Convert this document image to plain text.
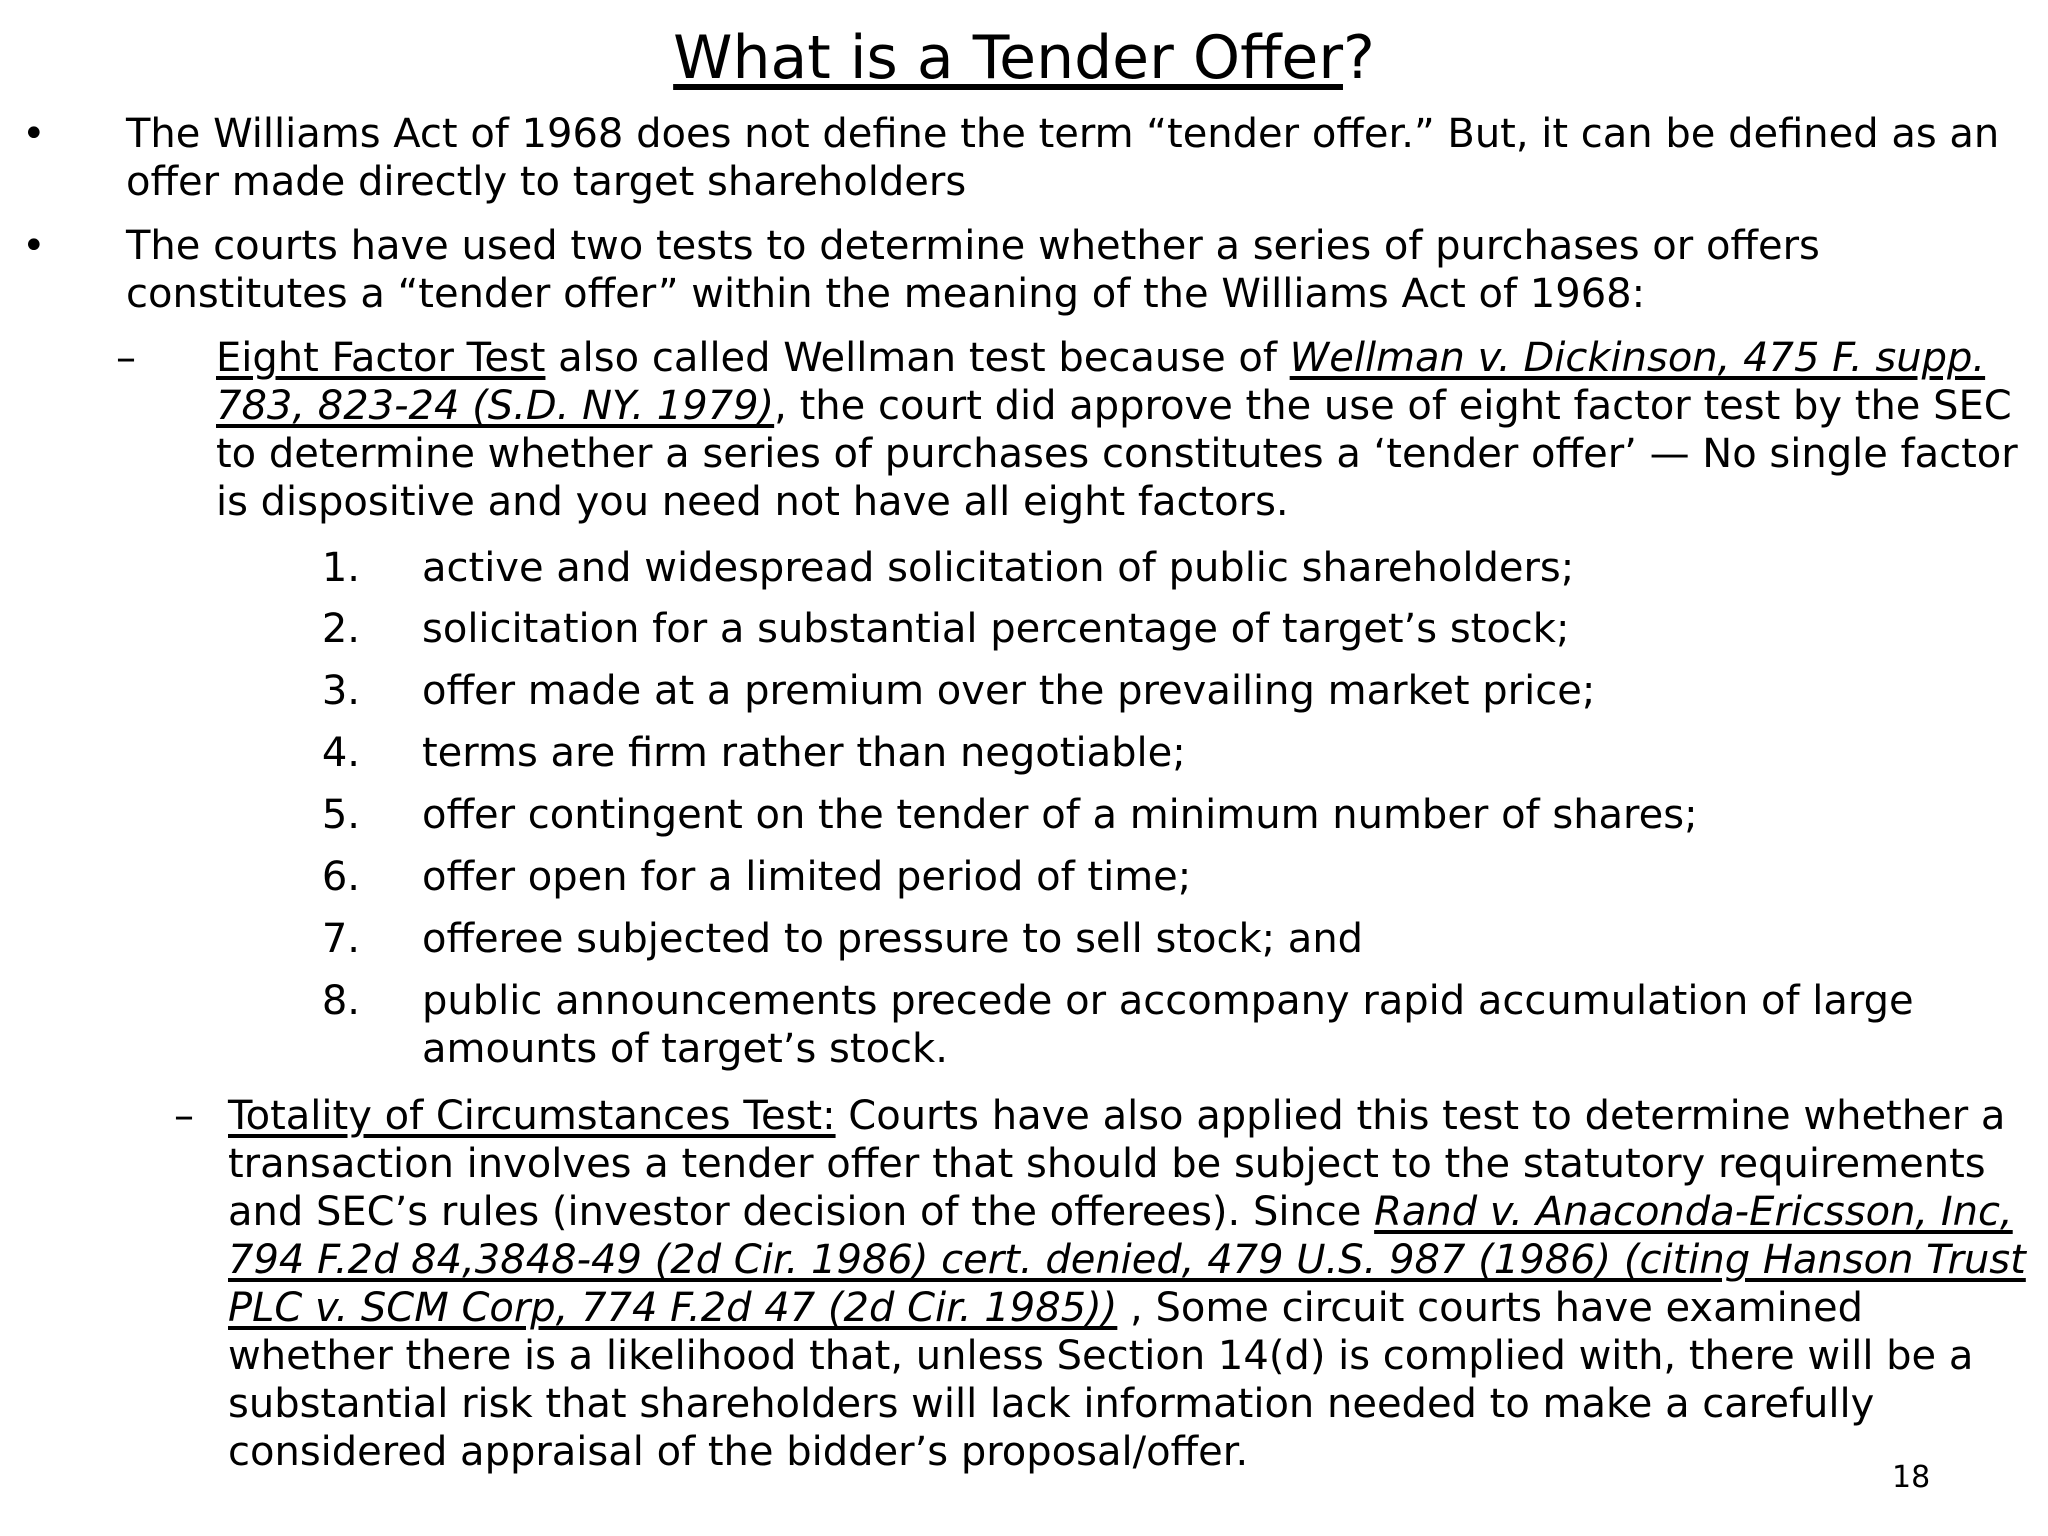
What is a Tender Offer?
• The Williams Act of 1968 does not define the term “tender offer.” But, it can be defined as an offer made directly to target shareholders
• The courts have used two tests to determine whether a series of purchases or offers constitutes a “tender offer” within the meaning of the Williams Act of 1968:
– Eight Factor Test also called Wellman test because of Wellman v. Dickinson, 475 F. supp. 783, 823-24 (S.D. NY. 1979), the court did approve the use of eight factor test by the SEC to determine whether a series of purchases constitutes a ‘tender offer’ — No single factor is dispositive and you need not have all eight factors.
1. active and widespread solicitation of public shareholders;
2. solicitation for a substantial percentage of target’s stock;
3. offer made at a premium over the prevailing market price;
4. terms are firm rather than negotiable;
5. offer contingent on the tender of a minimum number of shares;
6. offer open for a limited period of time;
7. offeree subjected to pressure to sell stock; and
8. public announcements precede or accompany rapid accumulation of large amounts of target’s stock.
– Totality of Circumstances Test: Courts have also applied this test to determine whether a transaction involves a tender offer that should be subject to the statutory requirements and SEC’s rules (investor decision of the offerees). Since Rand v. Anaconda-Ericsson, Inc, 794 F.2d 84,3848-49 (2d Cir. 1986) cert. denied, 479 U.S. 987 (1986) (citing Hanson Trust PLC v. SCM Corp, 774 F.2d 47 (2d Cir. 1985)) , Some circuit courts have examined whether there is a likelihood that, unless Section 14(d) is complied with, there will be a substantial risk that shareholders will lack information needed to make a carefully considered appraisal of the bidder’s proposal/offer.
18
